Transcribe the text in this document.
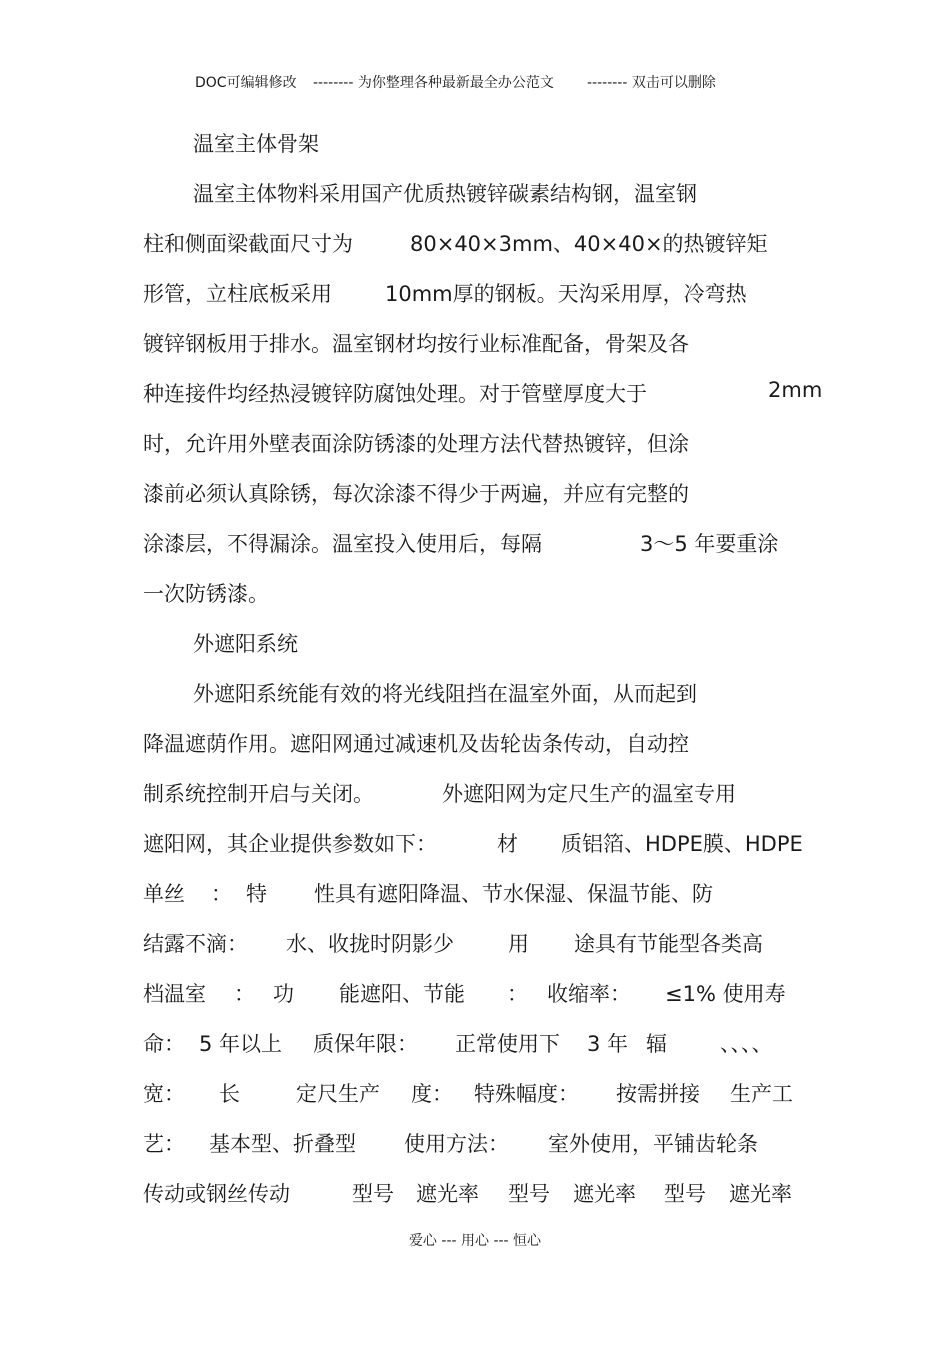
DOC可编辑修改 -------- 为你整理各种最新最全办公范文 -------- 双击可以删除
温室主体骨架
温室主体物料采用国产优质热镀锌碳素结构钢，温室钢
柱和侧面梁截面尺寸为	80×40×3mm、40×40×的热镀锌矩
形管，立柱底板采用	10mm厚的钢板。天沟采用厚，冷弯热
镀锌钢板用于排水。温室钢材均按行业标准配备，骨架及各
种连接件均经热浸镀锌防腐蚀处理。对于管壁厚度大于	2mm
时，允许用外壁表面涂防锈漆的处理方法代替热镀锌，但涂
漆前必须认真除锈，每次涂漆不得少于两遍，并应有完整的
涂漆层，不得漏涂。温室投入使用后，每隔	3～5 年要重涂
一次防锈漆。
外遮阳系统
外遮阳系统能有效的将光线阻挡在温室外面，从而起到
降温遮荫作用。遮阳网通过减速机及齿轮齿条传动，自动控
制系统控制开启与关闭。	外遮阳网为定尺生产的温室专用
遮阳网，其企业提供参数如下：	材 质铝箔、HDPE膜、HDPE
单丝 ： 特 性具有遮阳降温、节水保湿、保温节能、防
结露不滴： 水、收拢时阴影少	用 途具有节能型各类高
档温室 ： 功 能遮阳、节能 ： 收缩率： ≤1% 使用寿
命： 5 年以上 质保年限： 正常使用下 3 年 辐	、、、、
宽： 长	定尺生产 度： 特殊幅度： 按需拼接 生产工
艺： 基本型、折叠型 使用方法： 室外使用，平铺齿轮条
传动或钢丝传动	型号 遮光率 型号 遮光率 型号 遮光率
爱心 --- 用心 --- 恒心
